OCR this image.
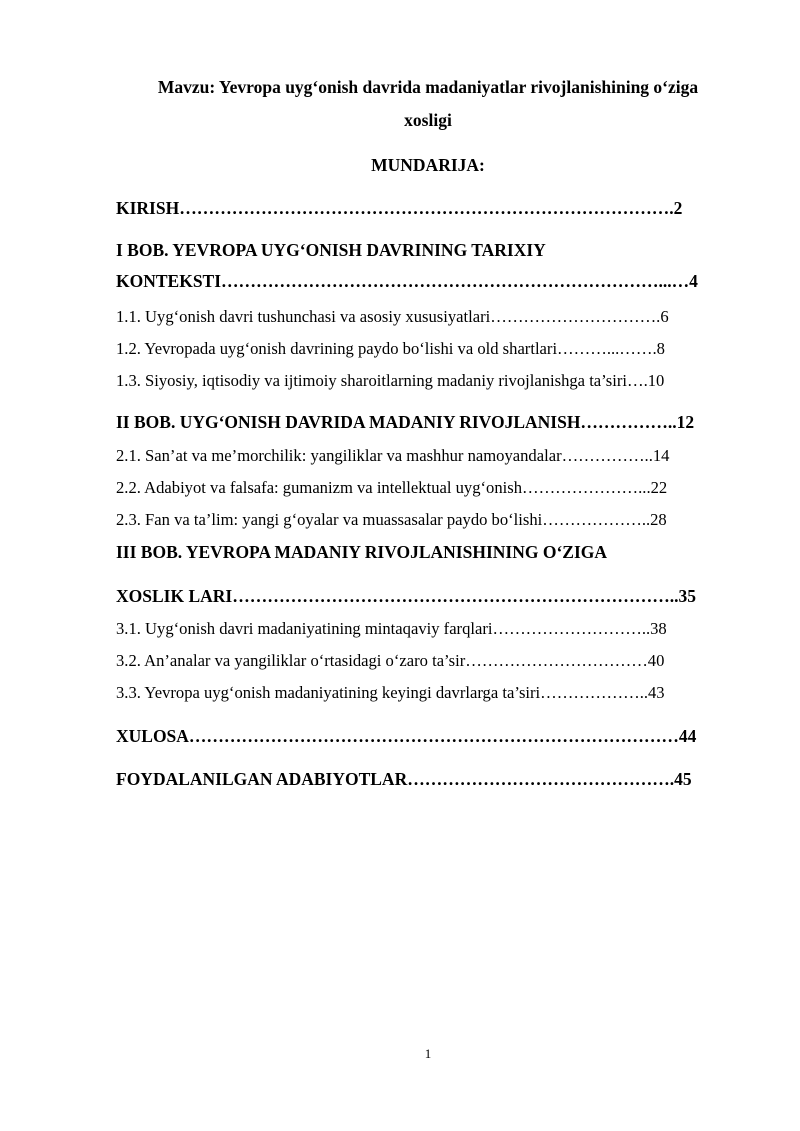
Mavzu: Yevropa uyg‘onish davrida madaniyatlar rivojlanishining o‘ziga
xosligi
MUNDARIJA:
KIRISH………………………………………………………………………….2
I BOB. YEVROPA UYG‘ONISH DAVRINING TARIXIY
KONTEKSTI…………………………………………………………………...…4
1.1. Uyg‘onish davri tushunchasi va asosiy xususiyatlari………………………….6
1.2. Yevropada uyg‘onish davrining paydo bo‘lishi va old shartlari………...…….8
1.3. Siyosiy, iqtisodiy va ijtimoiy sharoitlarning madaniy rivojlanishga ta’siri….10
II BOB. UYG‘ONISH DAVRIDA MADANIY RIVOJLANISH……………..12
2.1. San’at va me’morchilik: yangiliklar va mashhur namoyandalar……………..14
2.2. Adabiyot va falsafa: gumanizm va intellektual uyg‘onish…………………...22
2.3. Fan va ta’lim: yangi g‘oyalar va muassasalar paydo bo‘lishi………………..28
III BOB. YEVROPA MADANIY RIVOJLANISHINING O‘ZIGA
XOSLIK LARI…………………………………………………………………..35
3.1. Uyg‘onish davri madaniyatining mintaqaviy farqlari………………………..38
3.2. An’analar va yangiliklar o‘rtasidagi o‘zaro ta’sir……………………………40
3.3. Yevropa uyg‘onish madaniyatining keyingi davrlarga ta’siri………………..43
XULOSA…………………………………………………………………………44
FOYDALANILGAN ADABIYOTLAR……………………………………….45
1
